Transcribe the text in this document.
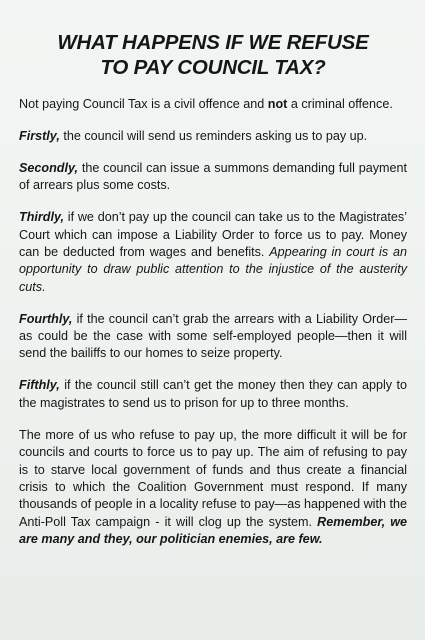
WHAT HAPPENS IF WE REFUSE
TO PAY COUNCIL TAX?

Not paying Council Tax is a civil offence and not a criminal offence.

Firstly, the council will send us reminders asking us to pay up.

Secondly, the council can issue a summons demanding full payment of arrears plus some costs.

Thirdly, if we don’t pay up the council can take us to the Magistrates’ Court which can impose a Liability Order to force us to pay. Money can be deducted from wages and benefits. Appearing in court is an opportunity to draw public attention to the injustice of the austerity cuts.

Fourthly, if the council can’t grab the arrears with a Liability Order—as could be the case with some self-employed people—then it will send the bailiffs to our homes to seize property.

Fifthly, if the council still can’t get the money then they can apply to the magistrates to send us to prison for up to three months.

The more of us who refuse to pay up, the more difficult it will be for councils and courts to force us to pay up. The aim of refusing to pay is to starve local government of funds and thus create a financial crisis to which the Coalition Government must respond. If many thousands of people in a locality refuse to pay—as happened with the Anti-Poll Tax campaign - it will clog up the system. Remember, we are many and they, our politician enemies, are few.
